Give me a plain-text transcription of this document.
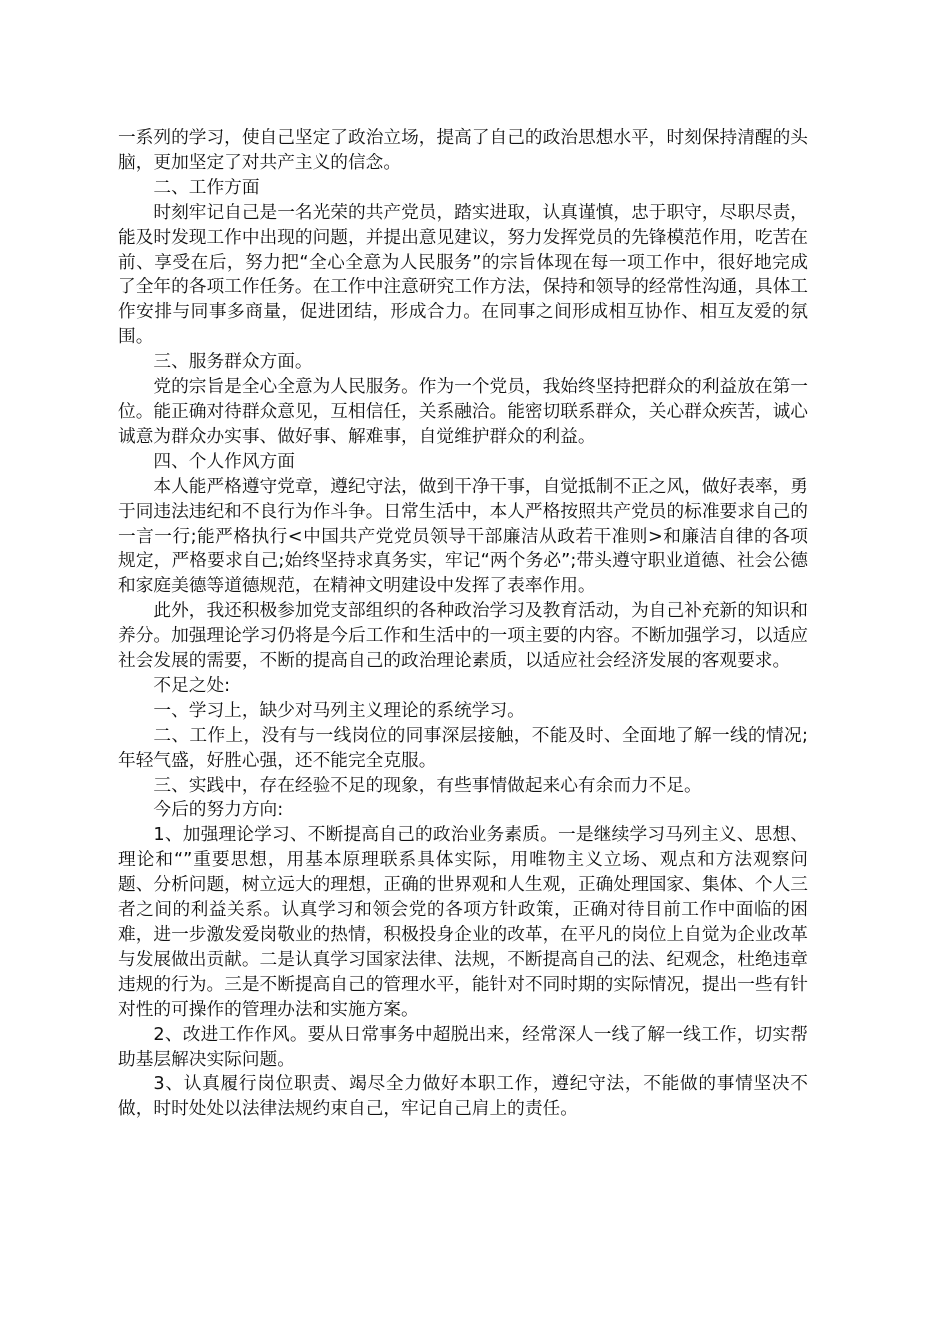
一系列的学习，使自己坚定了政治立场，提高了自己的政治思想水平，时刻保持清醒的头脑，更加坚定了对共产主义的信念。

二、工作方面

时刻牢记自己是一名光荣的共产党员，踏实进取，认真谨慎，忠于职守，尽职尽责，能及时发现工作中出现的问题，并提出意见建议，努力发挥党员的先锋模范作用，吃苦在前、享受在后，努力把“全心全意为人民服务”的宗旨体现在每一项工作中，很好地完成了全年的各项工作任务。在工作中注意研究工作方法，保持和领导的经常性沟通，具体工作安排与同事多商量，促进团结，形成合力。在同事之间形成相互协作、相互友爱的氛围。

三、服务群众方面。

党的宗旨是全心全意为人民服务。作为一个党员，我始终坚持把群众的利益放在第一位。能正确对待群众意见，互相信任，关系融洽。能密切联系群众，关心群众疾苦，诚心诚意为群众办实事、做好事、解难事，自觉维护群众的利益。

四、个人作风方面

本人能严格遵守党章，遵纪守法，做到干净干事，自觉抵制不正之风，做好表率，勇于同违法违纪和不良行为作斗争。日常生活中，本人严格按照共产党员的标准要求自己的一言一行;能严格执行<中国共产党党员领导干部廉洁从政若干准则>和廉洁自律的各项规定，严格要求自己;始终坚持求真务实，牢记“两个务必”;带头遵守职业道德、社会公德和家庭美德等道德规范，在精神文明建设中发挥了表率作用。

此外，我还积极参加党支部组织的各种政治学习及教育活动，为自己补充新的知识和养分。加强理论学习仍将是今后工作和生活中的一项主要的内容。不断加强学习，以适应社会发展的需要，不断的提高自己的政治理论素质，以适应社会经济发展的客观要求。

不足之处:

一、学习上，缺少对马列主义理论的系统学习。

二、工作上，没有与一线岗位的同事深层接触，不能及时、全面地了解一线的情况;年轻气盛，好胜心强，还不能完全克服。

三、实践中，存在经验不足的现象，有些事情做起来心有余而力不足。

今后的努力方向:

1、加强理论学习、不断提高自己的政治业务素质。一是继续学习马列主义、思想、理论和“”重要思想，用基本原理联系具体实际，用唯物主义立场、观点和方法观察问题、分析问题，树立远大的理想，正确的世界观和人生观，正确处理国家、集体、个人三者之间的利益关系。认真学习和领会党的各项方针政策，正确对待目前工作中面临的困难，进一步激发爱岗敬业的热情，积极投身企业的改革，在平凡的岗位上自觉为企业改革与发展做出贡献。二是认真学习国家法律、法规，不断提高自己的法、纪观念，杜绝违章违规的行为。三是不断提高自己的管理水平，能针对不同时期的实际情况，提出一些有针对性的可操作的管理办法和实施方案。

2、改进工作作风。要从日常事务中超脱出来，经常深人一线了解一线工作，切实帮助基层解决实际问题。

3、认真履行岗位职责、竭尽全力做好本职工作，遵纪守法，不能做的事情坚决不做，时时处处以法律法规约束自己，牢记自己肩上的责任。
